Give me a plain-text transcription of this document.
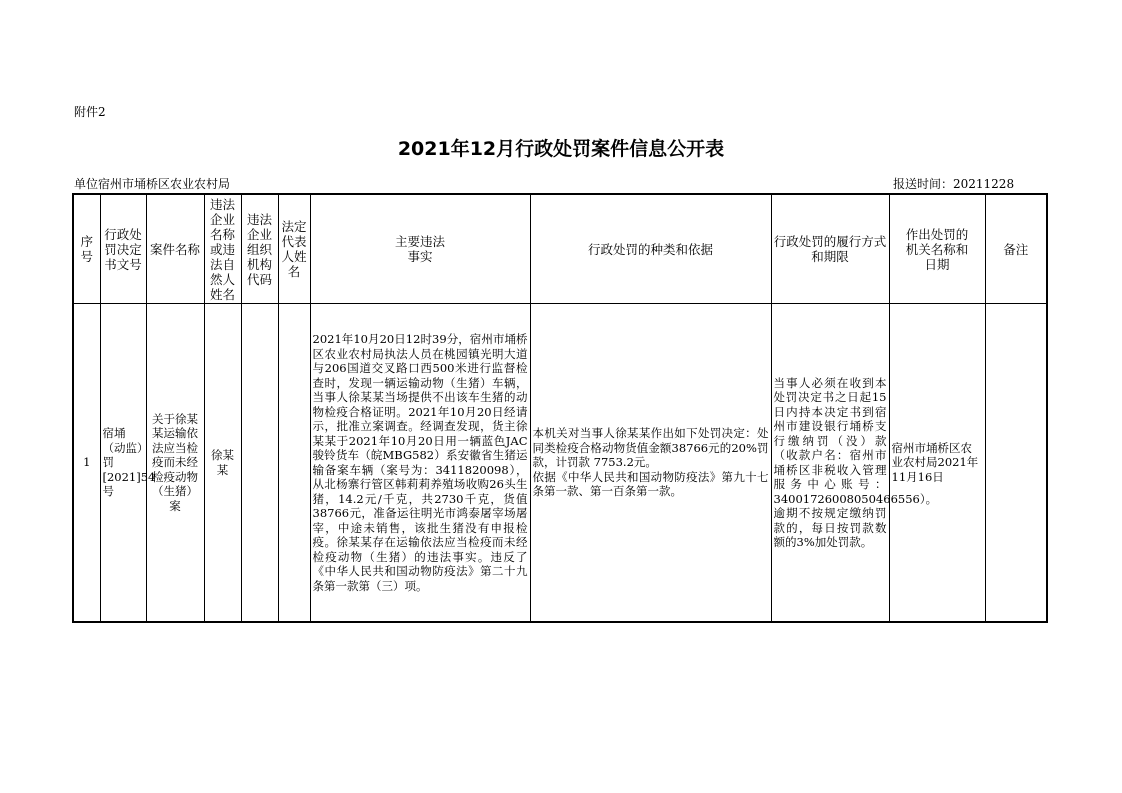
附件2
2021年12月行政处罚案件信息公开表
单位宿州市埇桥区农业农村局	报送时间：20211228
序号	行政处罚决定书文号	案件名称	违法企业名称或违法自然人姓名	违法企业组织机构代码	法定代表人姓名	主要违法
事实	行政处罚的种类和依据	行政处罚的履行方式和期限	作出处罚的
机关名称和
日期	备注
1	宿埇（动监）罚[2021]54号	关于徐某某运输依法应当检疫而未经检疫动物（生猪）案	徐某某			2021年10月20日12时39分，宿州市埇桥区农业农村局执法人员在桃园镇光明大道与206国道交叉路口西500米进行监督检查时，发现一辆运输动物（生猪）车辆，当事人徐某某当场提供不出该车生猪的动物检疫合格证明。2021年10月20日经请示，批准立案调查。经调查发现，货主徐某某于2021年10月20日用一辆蓝色JAC骏铃货车（皖MBG582）系安徽省生猪运输备案车辆（案号为：3411820098），从北杨寨行管区韩莉莉养殖场收购26头生猪，14.2元/千克，共2730千克，货值38766元，准备运往明光市鸿泰屠宰场屠宰，中途未销售，该批生猪没有申报检疫。徐某某存在运输依法应当检疫而未经检疫动物（生猪）的违法事实。违反了《中华人民共和国动物防疫法》第二十九条第一款第（三）项。	本机关对当事人徐某某作出如下处罚决定：处同类检疫合格动物货值金额38766元的20%罚款，计罚款 7753.2元。
依据《中华人民共和国动物防疫法》第九十七条第一款、第一百条第一款。	当事人必须在收到本处罚决定书之日起15日内持本决定书到宿州市建设银行埇桥支行缴纳罚（没）款（收款户名：宿州市埇桥区非税收入管理服务中心账号：34001726008050466556）。逾期不按规定缴纳罚款的，每日按罚款数额的3%加处罚款。	宿州市埇桥区农业农村局2021年11月16日	
